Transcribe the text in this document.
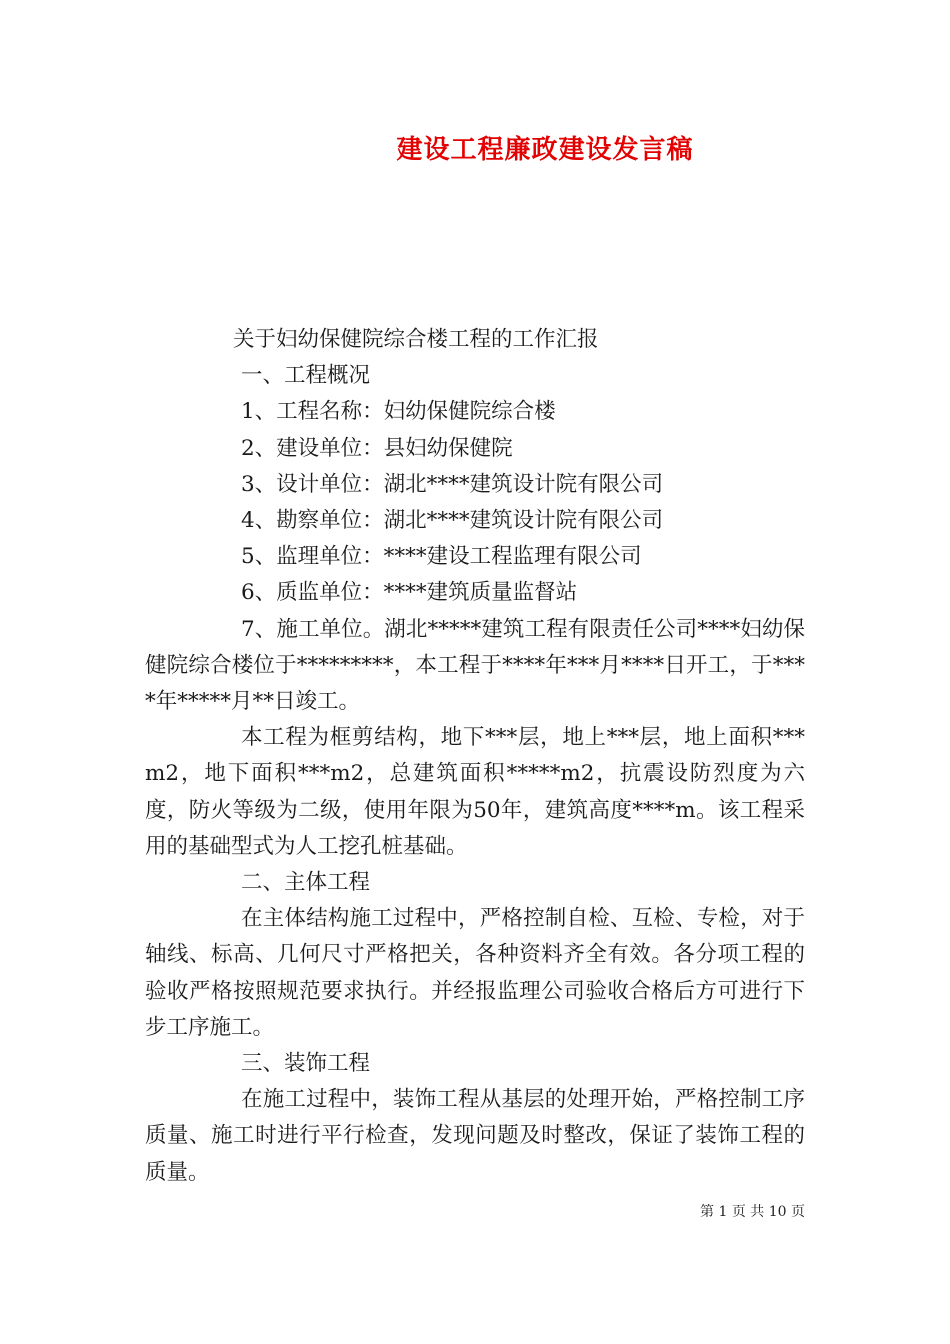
建设工程廉政建设发言稿

关于妇幼保健院综合楼工程的工作汇报

一、工程概况

1、工程名称：妇幼保健院综合楼

2、建设单位：县妇幼保健院

3、设计单位：湖北****建筑设计院有限公司

4、勘察单位：湖北****建筑设计院有限公司

5、监理单位：****建设工程监理有限公司

6、质监单位：****建筑质量监督站

7、施工单位。湖北*****建筑工程有限责任公司****妇幼保健院综合楼位于*********，本工程于****年***月****日开工，于****年*****月**日竣工。

本工程为框剪结构，地下***层，地上***层，地上面积***m2，地下面积***m2，总建筑面积*****m2，抗震设防烈度为六度，防火等级为二级，使用年限为50年，建筑高度****m。该工程采用的基础型式为人工挖孔桩基础。

二、主体工程

在主体结构施工过程中，严格控制自检、互检、专检，对于轴线、标高、几何尺寸严格把关，各种资料齐全有效。各分项工程的验收严格按照规范要求执行。并经报监理公司验收合格后方可进行下步工序施工。

三、装饰工程

在施工过程中，装饰工程从基层的处理开始，严格控制工序质量、施工时进行平行检查，发现问题及时整改，保证了装饰工程的质量。

第 1 页 共 10 页
